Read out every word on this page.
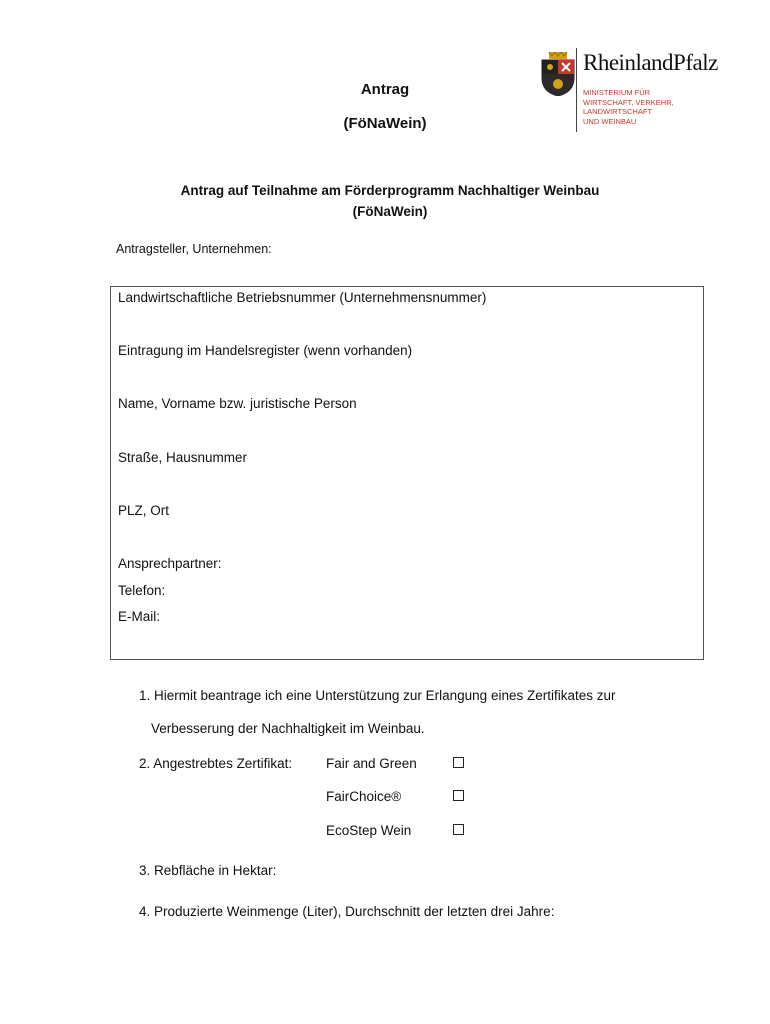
Antrag
(FöNaWein)
RheinlandPfalz
MINISTERIUM FÜR
WIRTSCHAFT, VERKEHR,
LANDWIRTSCHAFT
UND WEINBAU
Antrag auf Teilnahme am Förderprogramm Nachhaltiger Weinbau
(FöNaWein)
Antragsteller, Unternehmen:
Landwirtschaftliche Betriebsnummer (Unternehmensnummer)
Eintragung im Handelsregister (wenn vorhanden)
Name, Vorname bzw. juristische Person
Straße, Hausnummer
PLZ, Ort
Ansprechpartner:
Telefon:
E-Mail:
1. Hiermit beantrage ich eine Unterstützung zur Erlangung eines Zertifikates zur
Verbesserung der Nachhaltigkeit im Weinbau.
2. Angestrebtes Zertifikat:	Fair and Green
FairChoice®
EcoStep Wein
3. Rebfläche in Hektar:
4. Produzierte Weinmenge (Liter), Durchschnitt der letzten drei Jahre:
